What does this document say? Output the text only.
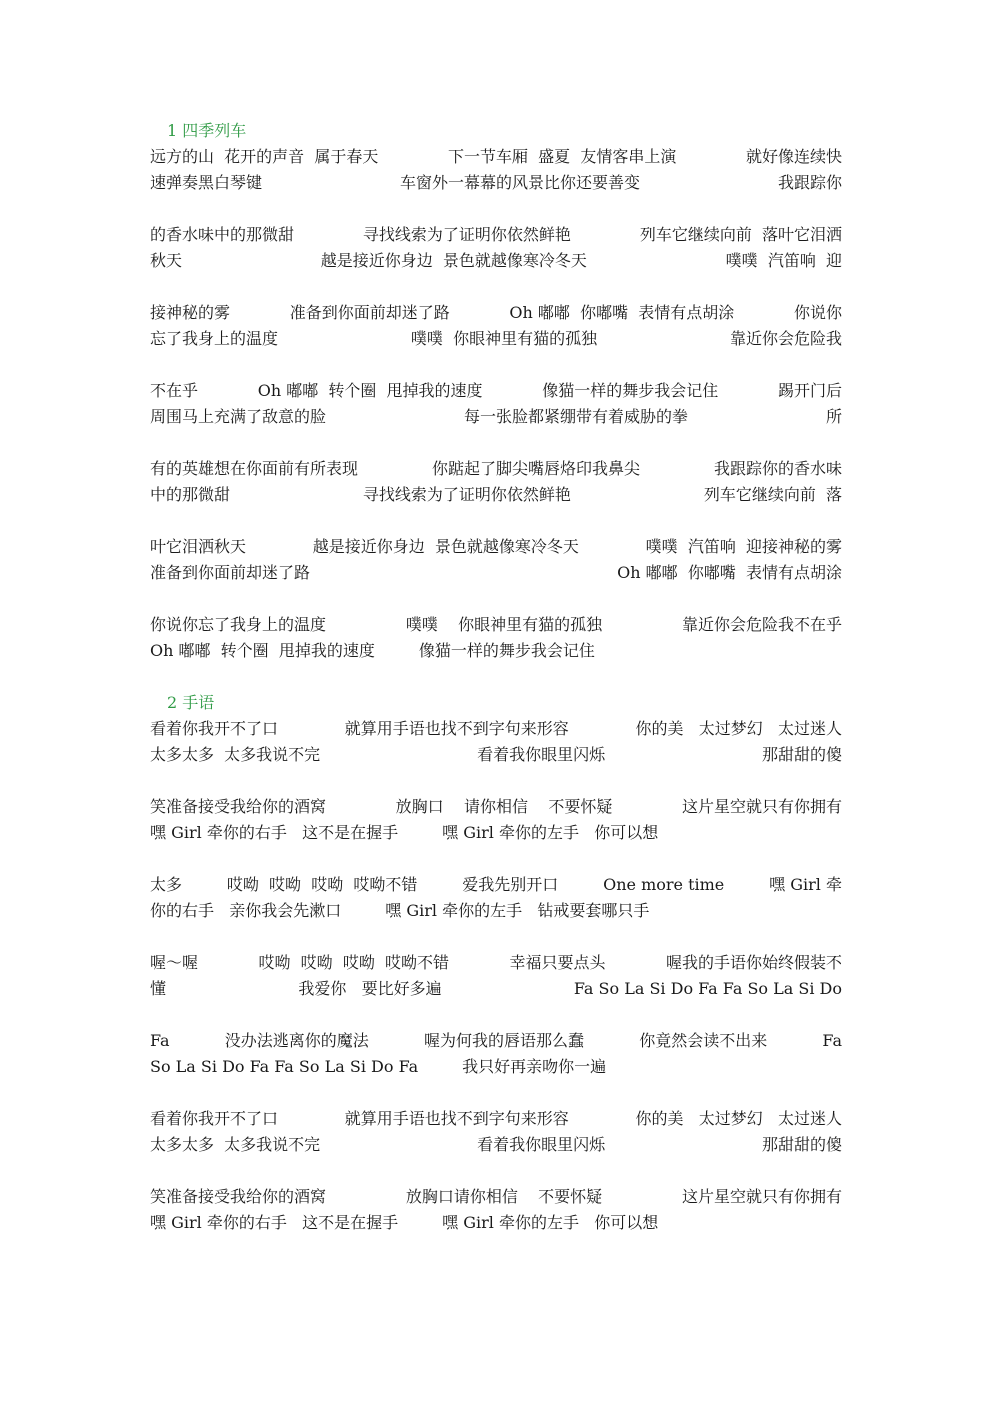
1 四季列车
远方的山  花开的声音  属于春天	下一节车厢  盛夏  友情客串上演	就好像连续快
速弹奏黑白琴键	车窗外一幕幕的风景比你还要善变	我跟踪你
的香水味中的那微甜	寻找线索为了证明你依然鲜艳	列车它继续向前  落叶它泪洒
秋天	越是接近你身边  景色就越像寒冷冬天	噗噗  汽笛响  迎
接神秘的雾	准备到你面前却迷了路	Oh 嘟嘟  你嘟嘴  表情有点胡涂	你说你
忘了我身上的温度	噗噗  你眼神里有猫的孤独	靠近你会危险我
不在乎	Oh 嘟嘟  转个圈  甩掉我的速度	像猫一样的舞步我会记住	踢开门后
周围马上充满了敌意的脸	每一张脸都紧绷带有着威胁的拳	所
有的英雄想在你面前有所表现	你踮起了脚尖嘴唇烙印我鼻尖	我跟踪你的香水味
中的那微甜	寻找线索为了证明你依然鲜艳	列车它继续向前  落
叶它泪洒秋天	越是接近你身边  景色就越像寒冷冬天	噗噗  汽笛响  迎接神秘的雾
准备到你面前却迷了路	Oh 嘟嘟  你嘟嘴  表情有点胡涂
你说你忘了我身上的温度	噗噗    你眼神里有猫的孤独	靠近你会危险我不在乎
Oh 嘟嘟  转个圈  甩掉我的速度	像猫一样的舞步我会记住
2 手语
看着你我开不了口	就算用手语也找不到字句来形容	你的美   太过梦幻   太过迷人
太多太多  太多我说不完	看着我你眼里闪烁	那甜甜的傻
笑准备接受我给你的酒窝	放胸口    请你相信    不要怀疑	这片星空就只有你拥有
嘿 Girl 牵你的右手   这不是在握手	嘿 Girl 牵你的左手   你可以想
太多	哎呦  哎呦  哎呦  哎呦不错	爱我先别开口	One more time	嘿 Girl 牵
你的右手   亲你我会先漱口	嘿 Girl 牵你的左手   钻戒要套哪只手
喔～喔	哎呦  哎呦  哎呦  哎呦不错	幸福只要点头	喔我的手语你始终假装不
懂	我爱你   要比好多遍	Fa So La Si Do Fa Fa So La Si Do
Fa	没办法逃离你的魔法	喔为何我的唇语那么蠢	你竟然会读不出来	Fa
So La Si Do Fa Fa So La Si Do Fa	我只好再亲吻你一遍
看着你我开不了口	就算用手语也找不到字句来形容	你的美   太过梦幻   太过迷人
太多太多  太多我说不完	看着我你眼里闪烁	那甜甜的傻
笑准备接受我给你的酒窝	放胸口请你相信    不要怀疑	这片星空就只有你拥有
嘿 Girl 牵你的右手   这不是在握手	嘿 Girl 牵你的左手   你可以想
